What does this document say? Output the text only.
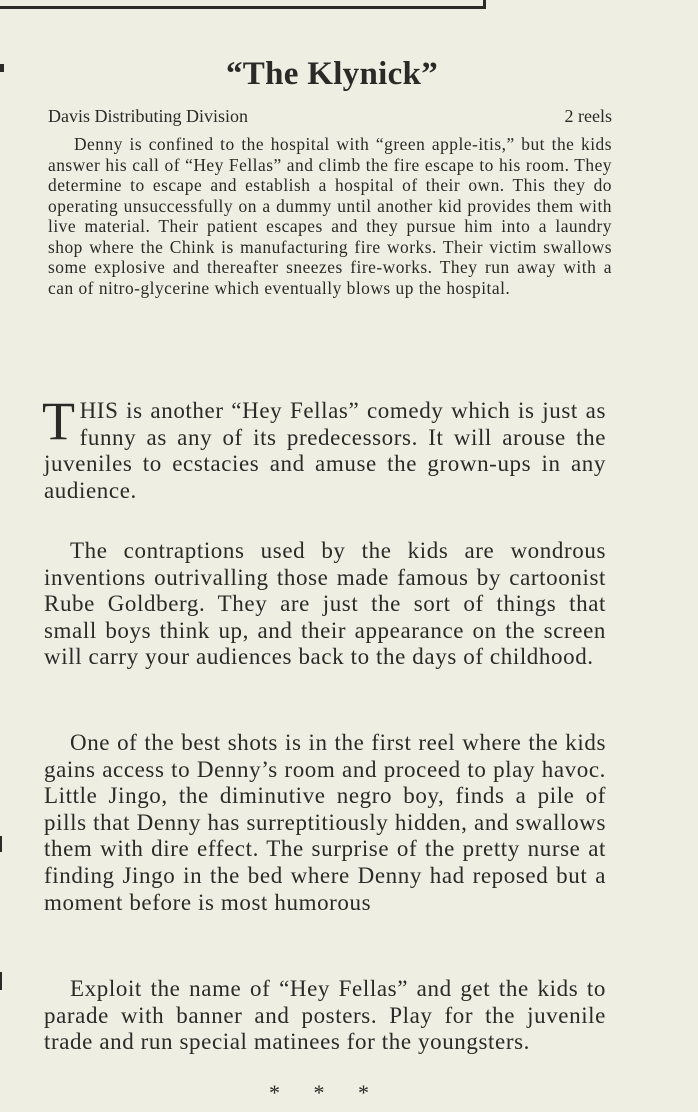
“The Klynick”
Davis Distributing Division	2 reels

Denny is confined to the hospital with “green apple-itis,” but the kids answer his call of “Hey Fellas” and climb the fire escape to his room. They determine to escape and establish a hospital of their own. This they do operating unsuccessfully on a dummy until another kid provides them with live material. Their patient escapes and they pursue him into a laundry shop where the Chink is manufacturing fire works. Their victim swallows some explosive and thereafter sneezes fire-works. They run away with a can of nitro-glycerine which eventually blows up the hospital.

THIS is another “Hey Fellas” comedy which is just as funny as any of its predecessors. It will arouse the juveniles to ecstacies and amuse the grown-ups in any audience.

The contraptions used by the kids are wondrous inventions outrivalling those made famous by cartoonist Rube Goldberg. They are just the sort of things that small boys think up, and their appearance on the screen will carry your audiences back to the days of childhood.

One of the best shots is in the first reel where the kids gains access to Denny’s room and proceed to play havoc. Little Jingo, the diminutive negro boy, finds a pile of pills that Denny has surreptitiously hidden, and swallows them with dire effect. The surprise of the pretty nurse at finding Jingo in the bed where Denny had reposed but a moment before is most humorous

Exploit the name of “Hey Fellas” and get the kids to parade with banner and posters. Play for the juvenile trade and run special matinees for the youngsters.

* * *
